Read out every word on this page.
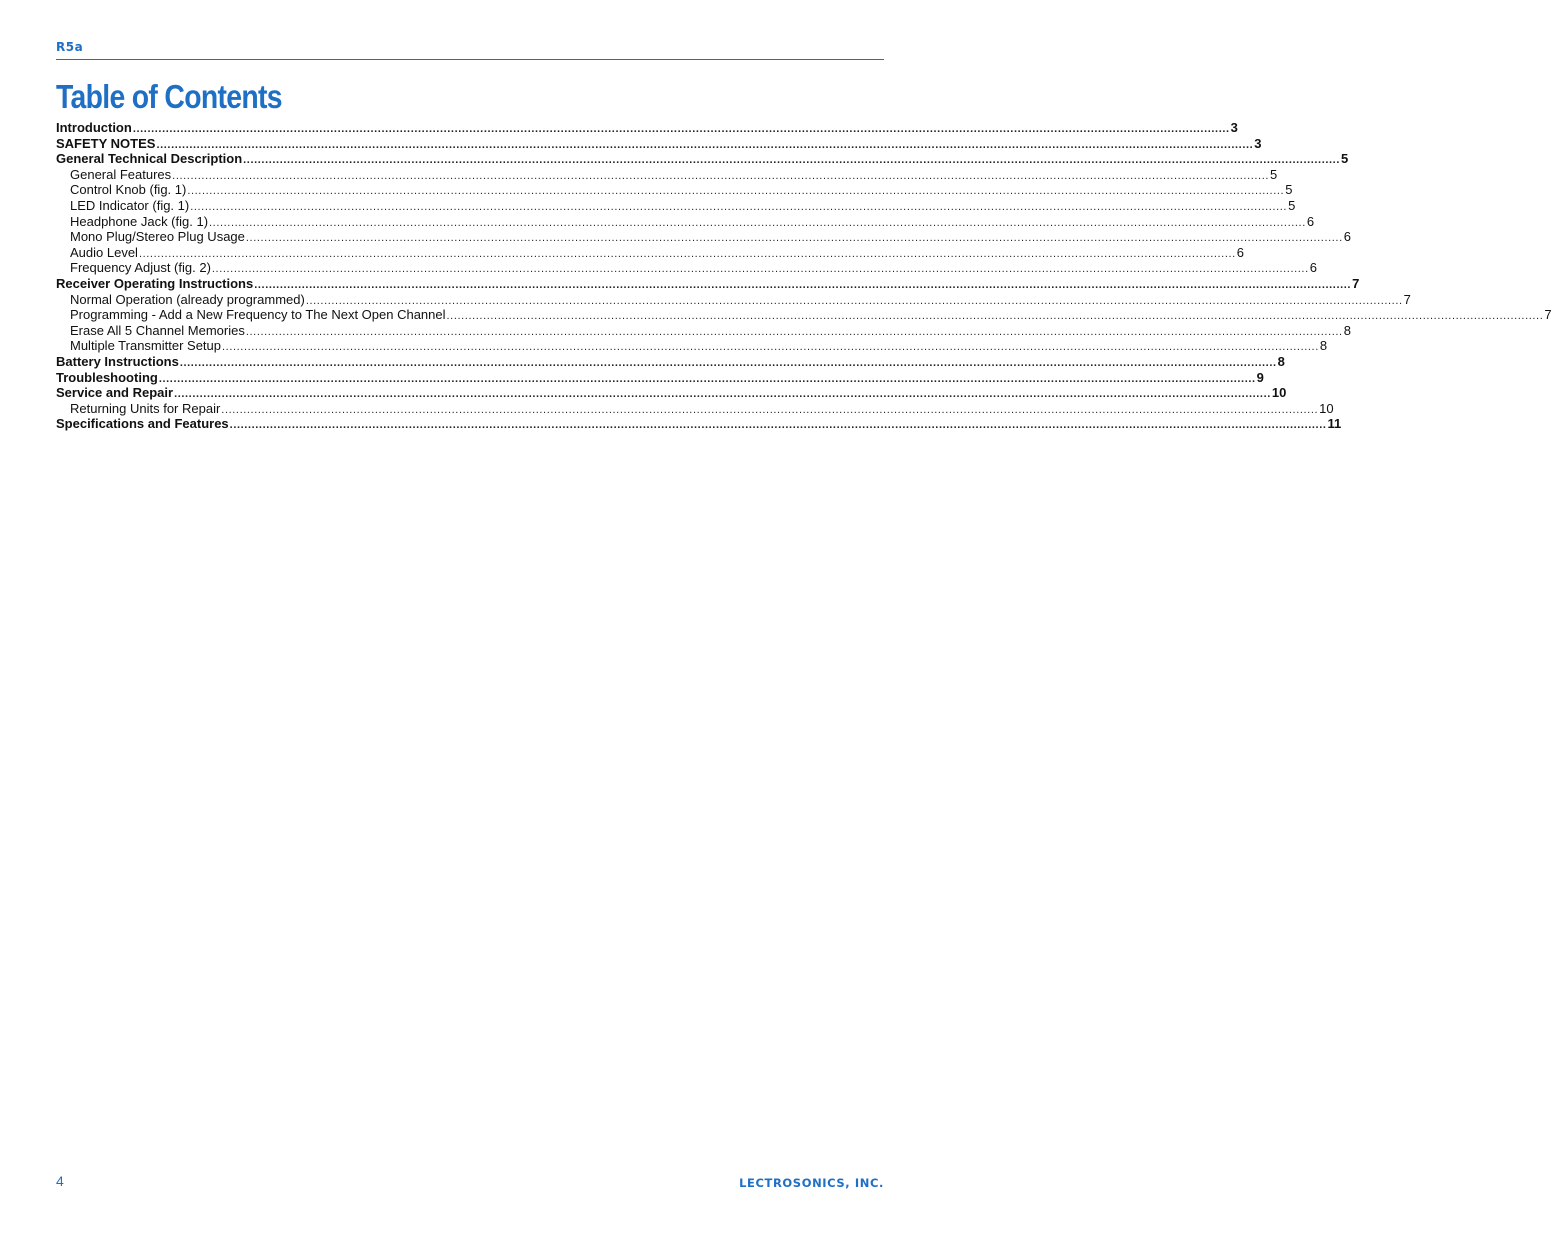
R5a
Table of Contents
Introduction ............................................................................................................................................................................................................................................................................................................ 3
SAFETY NOTES ............................................................................................................................................................................................................................................................................................................ 3
General Technical Description ............................................................................................................................................................................................................................................................................................................ 5
General Features ............................................................................................................................................................................................................................................................................................................ 5
Control Knob (fig. 1) ............................................................................................................................................................................................................................................................................................................ 5
LED Indicator (fig. 1) ............................................................................................................................................................................................................................................................................................................ 5
Headphone Jack (fig. 1) ............................................................................................................................................................................................................................................................................................................ 6
Mono Plug/Stereo Plug Usage ............................................................................................................................................................................................................................................................................................................ 6
Audio Level ............................................................................................................................................................................................................................................................................................................ 6
Frequency Adjust (fig. 2) ............................................................................................................................................................................................................................................................................................................ 6
Receiver Operating Instructions ............................................................................................................................................................................................................................................................................................................ 7
Normal Operation (already programmed) ............................................................................................................................................................................................................................................................................................................ 7
Programming - Add a New Frequency to The Next Open Channel ............................................................................................................................................................................................................................................................................................................ 7
Erase All 5 Channel Memories ............................................................................................................................................................................................................................................................................................................ 8
Multiple Transmitter Setup ............................................................................................................................................................................................................................................................................................................ 8
Battery Instructions ............................................................................................................................................................................................................................................................................................................ 8
Troubleshooting ............................................................................................................................................................................................................................................................................................................ 9
Service and Repair ............................................................................................................................................................................................................................................................................................................ 10
Returning Units for Repair ............................................................................................................................................................................................................................................................................................................ 10
Specifications and Features ............................................................................................................................................................................................................................................................................................................ 11
4	LECTROSONICS, INC.
